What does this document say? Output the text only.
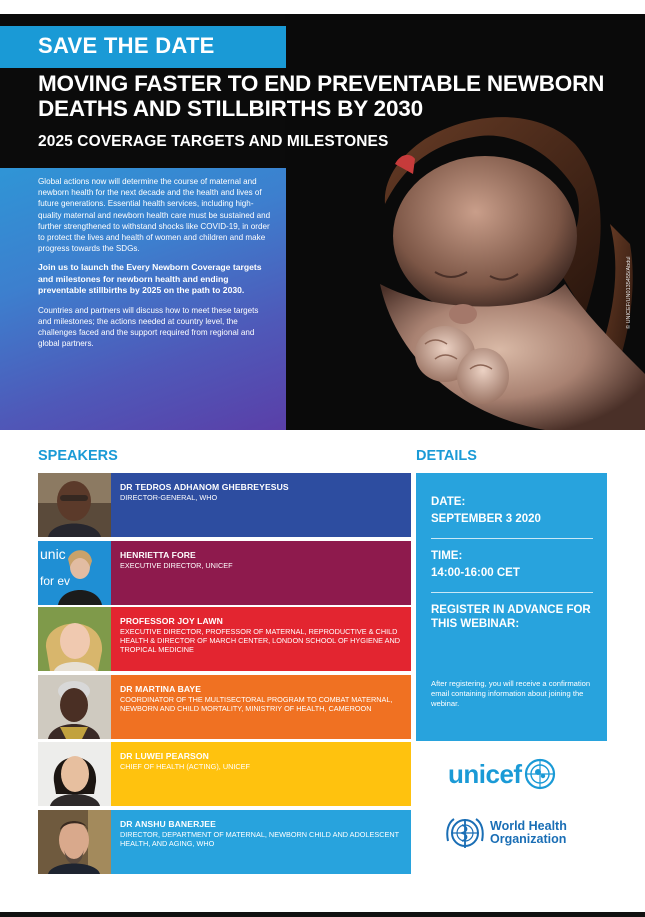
SAVE THE DATE
MOVING FASTER TO END PREVENTABLE NEWBORN DEATHS AND STILLBIRTHS BY 2030
2025 COVERAGE TARGETS AND MILESTONES
© UNICEF/UN0135455/Abdul

Global actions now will determine the course of maternal and newborn health for the next decade and the health and lives of future generations. Essential health services, including high-quality maternal and newborn health care must be sustained and further strengthened to withstand shocks like COVID-19, in order to protect the lives and health of women and children and make progress towards the SDGs.

Join us to launch the Every Newborn Coverage targets and milestones for newborn health and ending preventable stillbirths by 2025 on the path to 2030.

Countries and partners will discuss how to meet these targets and milestones; the actions needed at country level, the challenges faced and the support required from regional and global partners.

SPEAKERS	DETAILS
DR TEDROS ADHANOM GHEBREYESUS
DIRECTOR-GENERAL, WHO
unic
for ev
HENRIETTA FORE
EXECUTIVE DIRECTOR, UNICEF
PROFESSOR JOY LAWN
EXECUTIVE DIRECTOR, PROFESSOR OF MATERNAL, REPRODUCTIVE & CHILD HEALTH & DIRECTOR OF MARCH CENTER, LONDON SCHOOL OF HYGIENE AND TROPICAL MEDICINE
DR MARTINA BAYE
COORDINATOR OF THE MULTISECTORAL PROGRAM TO COMBAT MATERNAL, NEWBORN AND CHILD MORTALITY, MINISTRIY OF HEALTH, CAMEROON
DR LUWEI PEARSON
CHIEF OF HEALTH (ACTING), UNICEF
DR ANSHU BANERJEE
DIRECTOR, DEPARTMENT OF MATERNAL, NEWBORN CHILD AND ADOLESCENT HEALTH, AND AGING, WHO
DATE:
SEPTEMBER 3 2020
TIME:
14:00-16:00 CET
REGISTER IN ADVANCE FOR THIS WEBINAR:
After registering, you will receive a confirmation email containing information about joining the webinar.
unicef
World Health
Organization
